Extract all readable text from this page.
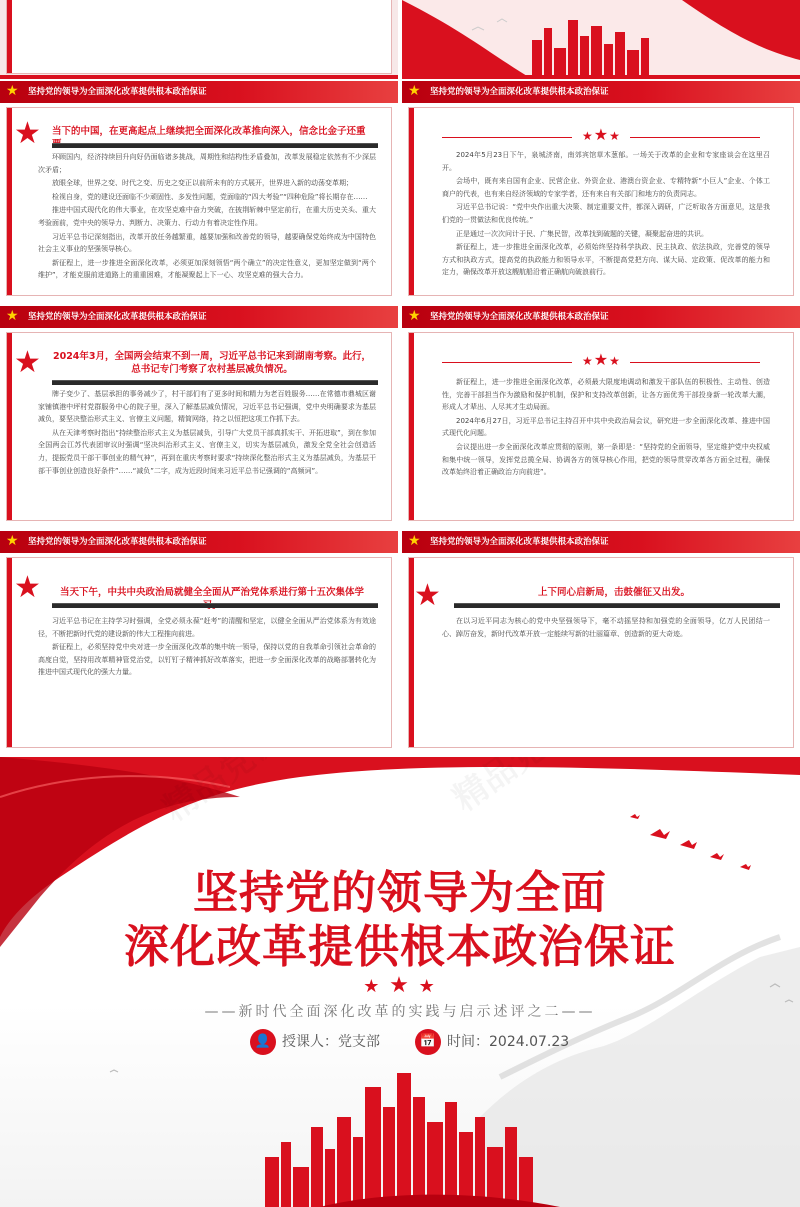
★ 坚持党的领导为全面深化改革提供根本政治保证
★ 当下的中国，在更高起点上继续把全面深化改革推向深入，信念比金子还重

环顾国内，经济持续回升向好仍面临诸多挑战，周期性和结构性矛盾叠加，改革发展稳定依然有不少深层次矛盾；

放眼全球，世界之变、时代之变、历史之变正以前所未有的方式展开，世界进入新的动荡变革期；

检视自身，党的建设还面临不少顽固性、多发性问题，党面临的“四大考验”“四种危险”将长期存在……

推进中国式现代化的伟大事业，在攻坚克难中奋力突破，在披荆斩棘中坚定前行，在重大历史关头、重大考验面前，党中央的领导力、判断力、决策力、行动力有着决定性作用。

习近平总书记深刻指出，改革开放任务越繁重，越要加强和改善党的领导，越要确保党始终成为中国特色社会主义事业的坚强领导核心。

新征程上，进一步推进全面深化改革，必须更加深刻领悟“两个确立”的决定性意义，更加坚定做到“两个维护”，才能克服前进道路上的重重困难，才能凝聚起上下一心、攻坚克难的强大合力。

★ 坚持党的领导为全面深化改革提供根本政治保证
★★★

2024年5月23日下午，泉城济南，南郊宾馆草木葱郁。一场关于改革的企业和专家座谈会在这里召开。

会场中，既有来自国有企业、民营企业、外资企业、港澳台资企业、专精特新“小巨人”企业、个体工商户的代表，也有来自经济领域的专家学者，还有来自有关部门和地方的负责同志。

习近平总书记说：“党中央作出重大决策、制定重要文件，都深入调研，广泛听取各方面意见，这是我们党的一贯做法和优良传统。”

正是通过一次次问计于民、广集民智，改革找到破题的关键，凝聚起奋进的共识。

新征程上，进一步推进全面深化改革，必须始终坚持科学执政、民主执政、依法执政，完善党的领导方式和执政方式，提高党的执政能力和领导水平，不断提高党把方向、谋大局、定政策、促改革的能力和定力，确保改革开放这艘航船沿着正确航向破浪前行。

★ 坚持党的领导为全面深化改革提供根本政治保证
★ 2024年3月，全国两会结束不到一周，习近平总书记来到湖南考察。此行，总书记专门考察了农村基层减负情况。

牌子变少了、基层承担的事务减少了，村干部们有了更多时间和精力为老百姓服务……在常德市鼎城区谢家铺镇港中坪村党群服务中心的院子里，深入了解基层减负情况，习近平总书记强调，党中央明确要求为基层减负，要坚决整治形式主义、官僚主义问题，精简网络，持之以恒把这项工作抓下去。

从在天津考察时指出“持续整治形式主义为基层减负，引导广大党员干部真抓实干、开拓进取”，到在参加全国两会江苏代表团审议时强调“坚决纠治形式主义、官僚主义，切实为基层减负，激发全党全社会创造活力，提振党员干部干事创业的精气神”，再到在重庆考察时要求“持续深化整治形式主义为基层减负，为基层干部干事创业创造良好条件”……“减负”二字，成为近段时间来习近平总书记强调的“高频词”。

★ 坚持党的领导为全面深化改革提供根本政治保证
★★★

新征程上，进一步推进全面深化改革，必须最大限度地调动和激发干部队伍的积极性、主动性、创造性，完善干部担当作为激励和保护机制，保护和支持改革创新，让各方面优秀干部投身新一轮改革大潮，形成人才辈出、人尽其才生动局面。

2024年6月27日，习近平总书记主持召开中共中央政治局会议，研究进一步全面深化改革、推进中国式现代化问题。

会议提出进一步全面深化改革应贯彻的原则，第一条即是：“坚持党的全面领导，坚定维护党中央权威和集中统一领导，发挥党总揽全局、协调各方的领导核心作用，把党的领导贯穿改革各方面全过程，确保改革始终沿着正确政治方向前进”。

★ 坚持党的领导为全面深化改革提供根本政治保证
★	当天下午，中共中央政治局就健全全面从严治党体系进行第十五次集体学

习近平总书记在主持学习时强调，全党必须永葆“赶考”的清醒和坚定，以健全全面从严治党体系为有效途径，不断把新时代党的建设新的伟大工程推向前进。

新征程上，必须坚持党中央对进一步全面深化改革的集中统一领导，保持以党的自我革命引领社会革命的高度自觉，坚持用改革精神管党治党，以钉钉子精神抓好改革落实，把进一步全面深化改革的战略部署转化为推进中国式现代化的强大力量。

★ 坚持党的领导为全面深化改革提供根本政治保证
★	上下同心启新局，击鼓催征又出发。

在以习近平同志为核心的党中央坚强领导下，毫不动摇坚持和加强党的全面领导，亿万人民团结一心、踔厉奋发，新时代改革开放一定能续写新的壮丽篇章、创造新的更大奇迹。

坚持党的领导为全面
深化改革提供根本政治保证
★ ★ ★
——新时代全面深化改革的实践与启示述评之二——
👤 授课人：党支部	📅 时间：2024.07.23
